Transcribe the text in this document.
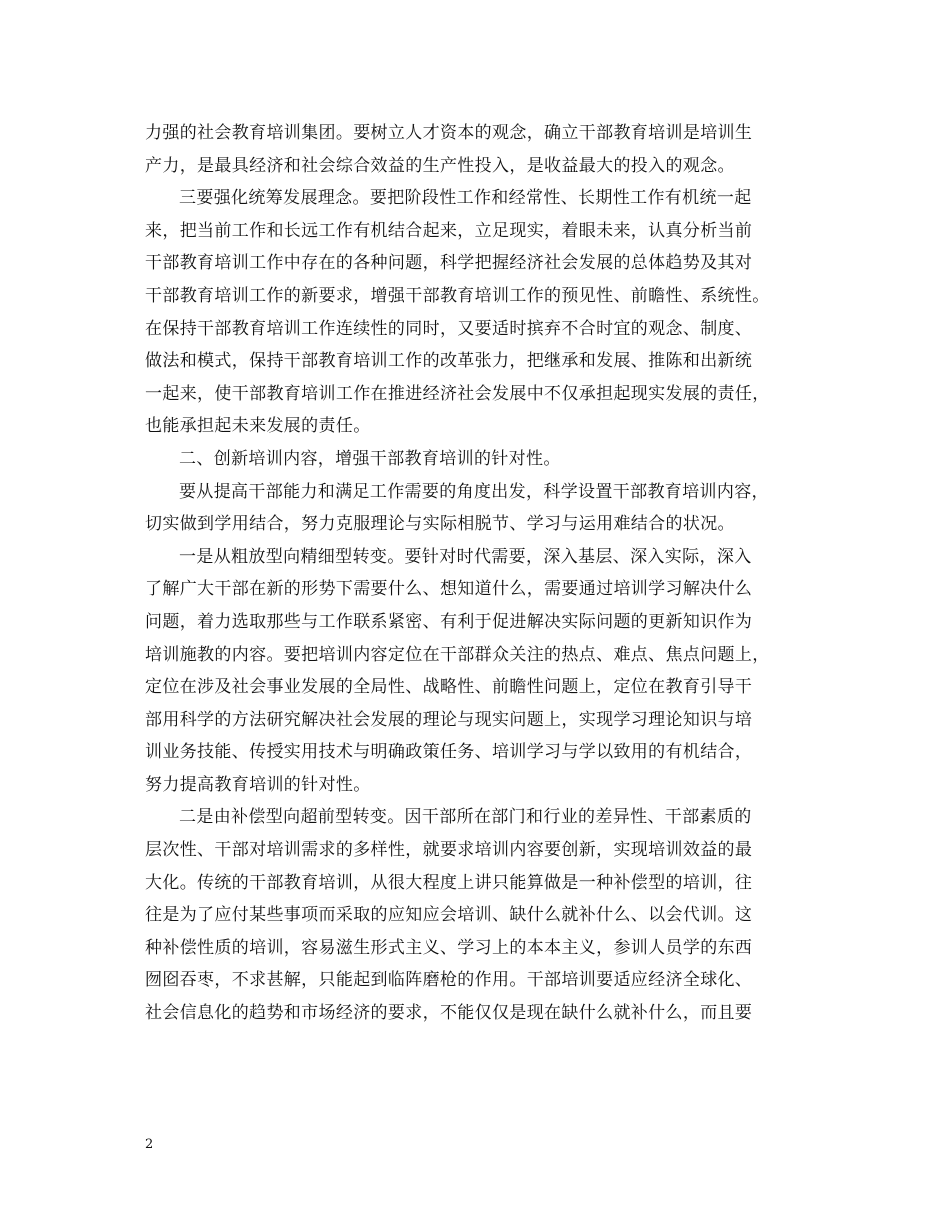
力强的社会教育培训集团。要树立人才资本的观念，确立干部教育培训是培训生
产力，是最具经济和社会综合效益的生产性投入，是收益最大的投入的观念。
三要强化统筹发展理念。要把阶段性工作和经常性、长期性工作有机统一起
来，把当前工作和长远工作有机结合起来，立足现实，着眼未来，认真分析当前
干部教育培训工作中存在的各种问题，科学把握经济社会发展的总体趋势及其对
干部教育培训工作的新要求，增强干部教育培训工作的预见性、前瞻性、系统性。
在保持干部教育培训工作连续性的同时，又要适时摈弃不合时宜的观念、制度、
做法和模式，保持干部教育培训工作的改革张力，把继承和发展、推陈和出新统
一起来，使干部教育培训工作在推进经济社会发展中不仅承担起现实发展的责任，
也能承担起未来发展的责任。
二、创新培训内容，增强干部教育培训的针对性。
要从提高干部能力和满足工作需要的角度出发，科学设置干部教育培训内容，
切实做到学用结合，努力克服理论与实际相脱节、学习与运用难结合的状况。
一是从粗放型向精细型转变。要针对时代需要，深入基层、深入实际，深入
了解广大干部在新的形势下需要什么、想知道什么，需要通过培训学习解决什么
问题，着力选取那些与工作联系紧密、有利于促进解决实际问题的更新知识作为
培训施教的内容。要把培训内容定位在干部群众关注的热点、难点、焦点问题上，
定位在涉及社会事业发展的全局性、战略性、前瞻性问题上，定位在教育引导干
部用科学的方法研究解决社会发展的理论与现实问题上，实现学习理论知识与培
训业务技能、传授实用技术与明确政策任务、培训学习与学以致用的有机结合，
努力提高教育培训的针对性。
二是由补偿型向超前型转变。因干部所在部门和行业的差异性、干部素质的
层次性、干部对培训需求的多样性，就要求培训内容要创新，实现培训效益的最
大化。传统的干部教育培训，从很大程度上讲只能算做是一种补偿型的培训，往
往是为了应付某些事项而采取的应知应会培训、缺什么就补什么、以会代训。这
种补偿性质的培训，容易滋生形式主义、学习上的本本主义，参训人员学的东西
囫囵吞枣，不求甚解，只能起到临阵磨枪的作用。干部培训要适应经济全球化、
社会信息化的趋势和市场经济的要求，不能仅仅是现在缺什么就补什么，而且要
2
